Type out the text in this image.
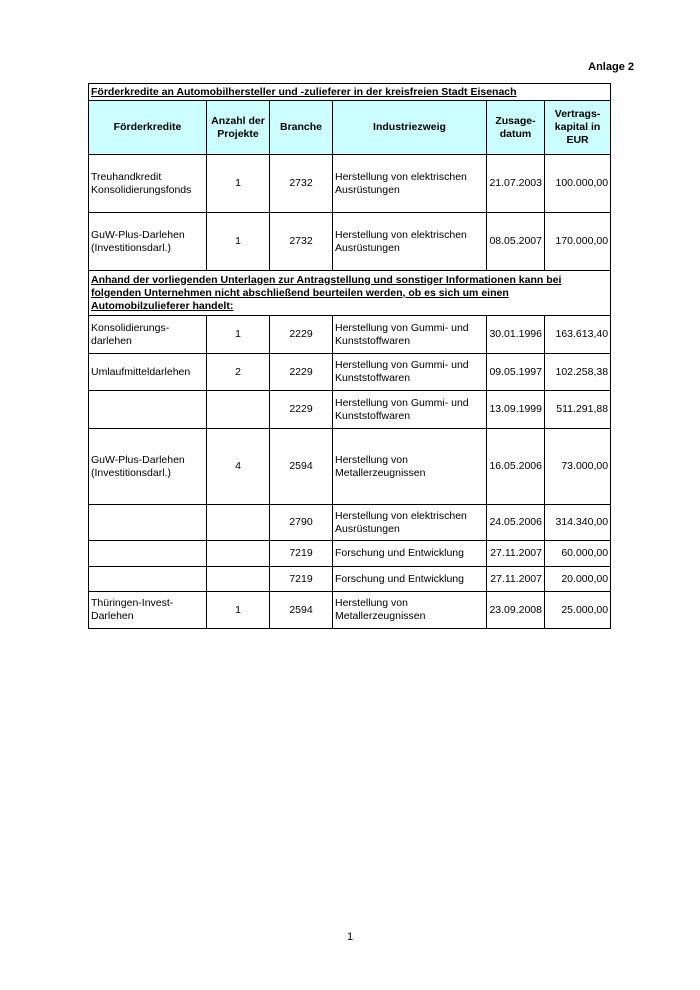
Anlage 2
Förderkredite an Automobilhersteller und -zulieferer in der kreisfreien Stadt Eisenach					
Förderkredite	Anzahl der Projekte	Branche	Industriezweig	Zusage-datum	Vertrags-kapital in EUR
Treuhandkredit Konsolidierungsfonds	1	2732	Herstellung von elektrischen Ausrüstungen	21.07.2003	100.000,00
GuW-Plus-Darlehen (Investitionsdarl.)	1	2732	Herstellung von elektrischen Ausrüstungen	08.05.2007	170.000,00
Anhand der vorliegenden Unterlagen zur Antragstellung und sonstiger Informationen kann bei folgenden Unternehmen nicht abschließend beurteilen werden, ob es sich um einen Automobilzulieferer handelt:					
Konsolidierungs-darlehen	1	2229	Herstellung von Gummi- und Kunststoffwaren	30.01.1996	163.613,40
Umlaufmitteldarlehen	2	2229	Herstellung von Gummi- und Kunststoffwaren	09.05.1997	102.258,38
		2229	Herstellung von Gummi- und Kunststoffwaren	13.09.1999	511.291,88
GuW-Plus-Darlehen (Investitionsdarl.)	4	2594	Herstellung von Metallerzeugnissen	16.05.2006	73.000,00
		2790	Herstellung von elektrischen Ausrüstungen	24.05.2006	314.340,00
		7219	Forschung und Entwicklung	27.11.2007	60.000,00
		7219	Forschung und Entwicklung	27.11.2007	20.000,00
Thüringen-Invest-Darlehen	1	2594	Herstellung von Metallerzeugnissen	23.09.2008	25.000,00
1
